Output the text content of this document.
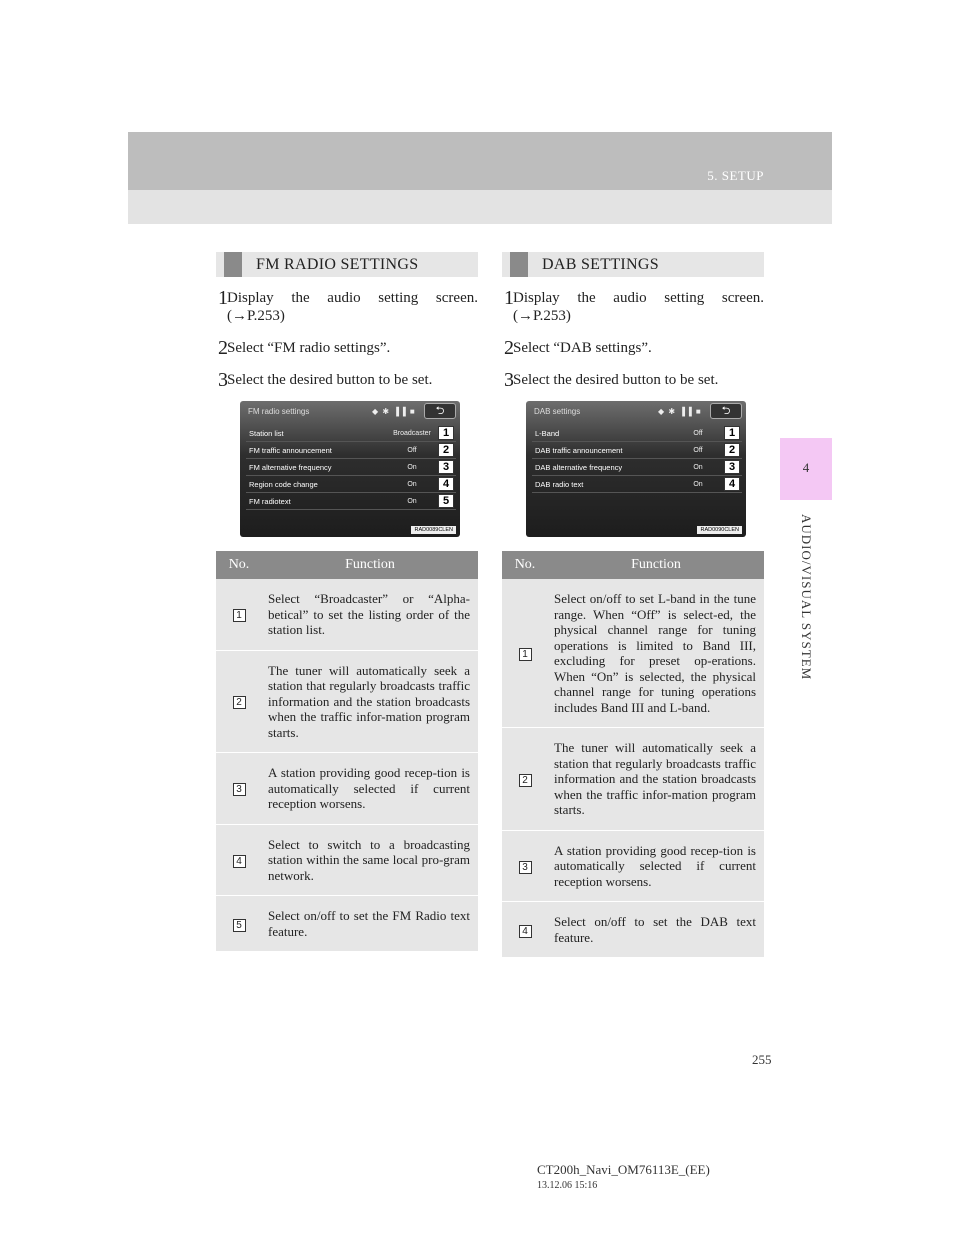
5. SETUP
4
AUDIO/VISUAL SYSTEM
FM RADIO SETTINGS
1 Display the audio setting screen. (→P.253)
2 Select “FM radio settings”.
3 Select the desired button to be set.
FM radio settings	◆ ✱ ▐▐ ■	⮌
Station list	Broadcaster	1
FM traffic announcement	Off	2
FM alternative frequency	On	3
Region code change	On	4
FM radiotext	On	5
RAD0089CLEN
No.	Function
1	Select “Broadcaster” or “Alpha-betical” to set the listing order of the station list.
2	The tuner will automatically seek a station that regularly broadcasts traffic information and the station broadcasts when the traffic infor-mation program starts.
3	A station providing good recep-tion is automatically selected if current reception worsens.
4	Select to switch to a broadcasting station within the same local pro-gram network.
5	Select on/off to set the FM Radio text feature.
DAB SETTINGS
1 Display the audio setting screen. (→P.253)
2 Select “DAB settings”.
3 Select the desired button to be set.
DAB settings	◆ ✱ ▐▐ ■	⮌
L-Band	Off	1
DAB traffic announcement	Off	2
DAB alternative frequency	On	3
DAB radio text	On	4
RAD0090CLEN
No.	Function
1	Select on/off to set L-band in the tune range. When “Off” is select-ed, the physical channel range for tuning operations is limited to Band III, excluding for preset op-erations. When “On” is selected, the physical channel range for tuning operations includes Band III and L-band.
2	The tuner will automatically seek a station that regularly broadcasts traffic information and the station broadcasts when the traffic infor-mation program starts.
3	A station providing good recep-tion is automatically selected if current reception worsens.
4	Select on/off to set the DAB text feature.
255
CT200h_Navi_OM76113E_(EE)
13.12.06 15:16
